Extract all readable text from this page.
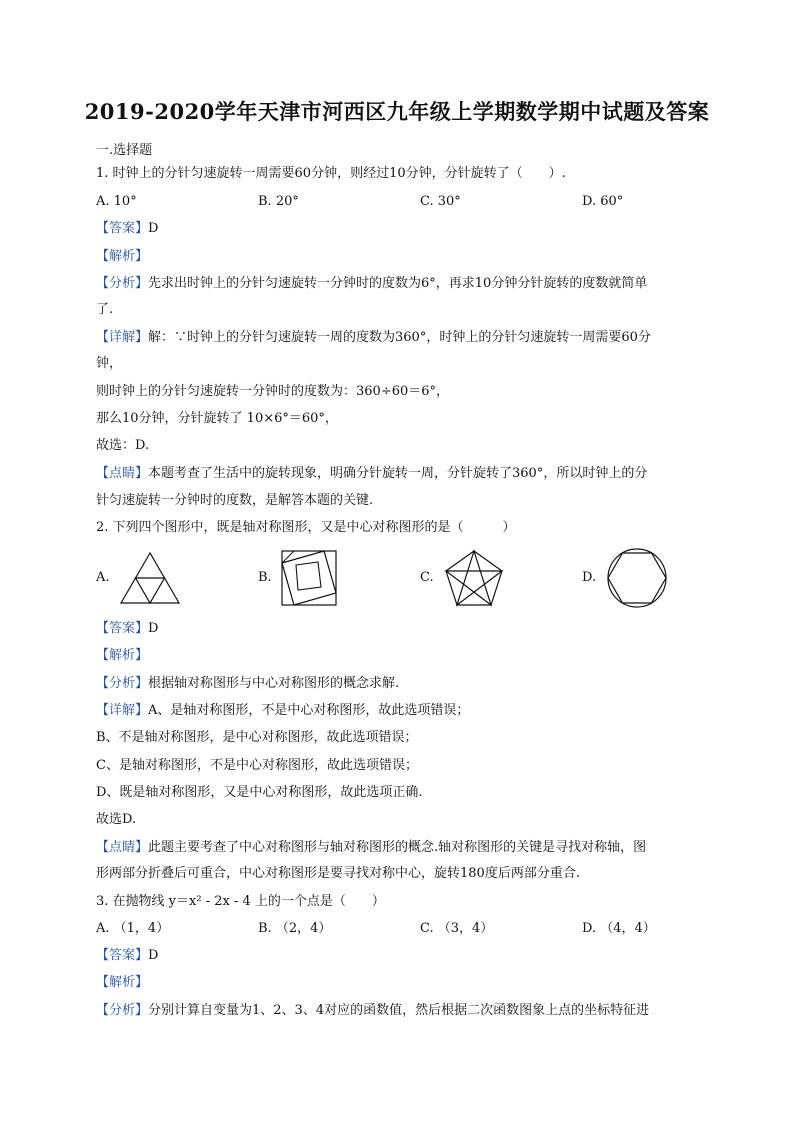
2019-2020学年天津市河西区九年级上学期数学期中试题及答案
一.选择题
1. 时钟上的分针匀速旋转一周需要60分钟，则经过10分钟，分针旋转了（　　）.
A. 10°	B. 20°	C. 30°	D. 60°
【答案】D
【解析】
【分析】先求出时钟上的分针匀速旋转一分钟时的度数为6°，再求10分钟分针旋转的度数就简单
了.
【详解】解：∵时钟上的分针匀速旋转一周的度数为360°，时钟上的分针匀速旋转一周需要60分
钟，
则时钟上的分针匀速旋转一分钟时的度数为：360÷60＝6°，
那么10分钟，分针旋转了 10×6°＝60°，
故选：D.
【点睛】本题考查了生活中的旋转现象，明确分针旋转一周，分针旋转了360°，所以时钟上的分
针匀速旋转一分钟时的度数，是解答本题的关键.
2. 下列四个图形中，既是轴对称图形，又是中心对称图形的是（　　　）
A.	B.	C.	D.
【答案】D
【解析】
【分析】根据轴对称图形与中心对称图形的概念求解.
【详解】A、是轴对称图形，不是中心对称图形，故此选项错误；
B、不是轴对称图形，是中心对称图形，故此选项错误；
C、是轴对称图形，不是中心对称图形，故此选项错误；
D、既是轴对称图形，又是中心对称图形，故此选项正确.
故选D.
【点睛】此题主要考查了中心对称图形与轴对称图形的概念.轴对称图形的关键是寻找对称轴，图
形两部分折叠后可重合，中心对称图形是要寻找对称中心，旋转180度后两部分重合.
3. 在抛物线 y＝x² - 2x - 4 上的一个点是（　　）
A. （1，4）	B. （2，4）	C. （3，4）	D. （4，4）
【答案】D
【解析】
【分析】分别计算自变量为1、2、3、4对应的函数值，然后根据二次函数图象上点的坐标特征进
